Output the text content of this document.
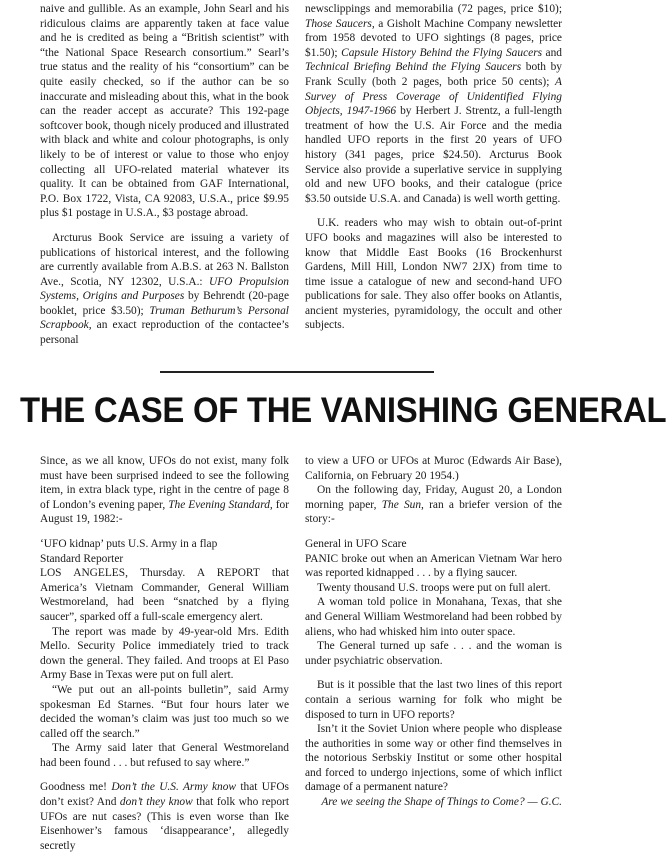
naive and gullible. As an example, John Searl and his ridiculous claims are apparently taken at face value and he is credited as being a “British scientist” with “the National Space Research consortium.” Searl’s true status and the reality of his “consortium” can be quite easily checked, so if the author can be so inaccurate and misleading about this, what in the book can the reader accept as accurate? This 192-page softcover book, though nicely produced and illustrated with black and white and colour photographs, is only likely to be of interest or value to those who enjoy collecting all UFO-related material whatever its quality. It can be obtained from GAF International, P.O. Box 1722, Vista, CA 92083, U.S.A., price $9.95 plus $1 postage in U.S.A., $3 postage abroad.

Arcturus Book Service are issuing a variety of publications of historical interest, and the following are currently available from A.B.S. at 263 N. Ballston Ave., Scotia, NY 12302, U.S.A.: UFO Propulsion Systems, Origins and Purposes by Behrendt (20-page booklet, price $3.50); Truman Bethurum’s Personal Scrapbook, an exact reproduction of the contactee’s personal

newsclippings and memorabilia (72 pages, price $10); Those Saucers, a Gisholt Machine Company newsletter from 1958 devoted to UFO sightings (8 pages, price $1.50); Capsule History Behind the Flying Saucers and Technical Briefing Behind the Flying Saucers both by Frank Scully (both 2 pages, both price 50 cents); A Survey of Press Coverage of Unidentified Flying Objects, 1947-1966 by Herbert J. Strentz, a full-length treatment of how the U.S. Air Force and the media handled UFO reports in the first 20 years of UFO history (341 pages, price $24.50). Arcturus Book Service also provide a superlative service in supplying old and new UFO books, and their catalogue (price $3.50 outside U.S.A. and Canada) is well worth getting.

U.K. readers who may wish to obtain out-of-print UFO books and magazines will also be interested to know that Middle East Books (16 Brockenhurst Gardens, Mill Hill, London NW7 2JX) from time to time issue a catalogue of new and second-hand UFO publications for sale. They also offer books on Atlantis, ancient mysteries, pyramidology, the occult and other subjects.

THE CASE OF THE VANISHING GENERAL

Since, as we all know, UFOs do not exist, many folk must have been surprised indeed to see the following item, in extra black type, right in the centre of page 8 of London’s evening paper, The Evening Standard, for August 19, 1982:-

‘UFO kidnap’ puts U.S. Army in a flap

Standard Reporter

LOS ANGELES, Thursday. A REPORT that America’s Vietnam Commander, General William Westmoreland, had been “snatched by a flying saucer”, sparked off a full-scale emergency alert.

The report was made by 49-year-old Mrs. Edith Mello. Security Police immediately tried to track down the general. They failed. And troops at El Paso Army Base in Texas were put on full alert.

“We put out an all-points bulletin”, said Army spokesman Ed Starnes. “But four hours later we decided the woman’s claim was just too much so we called off the search.”

The Army said later that General Westmoreland had been found . . . but refused to say where.”

Goodness me! Don’t the U.S. Army know that UFOs don’t exist? And don’t they know that folk who report UFOs are nut cases? (This is even worse than Ike Eisenhower’s famous ‘disappearance’, allegedly secretly

to view a UFO or UFOs at Muroc (Edwards Air Base), California, on February 20 1954.)

On the following day, Friday, August 20, a London morning paper, The Sun, ran a briefer version of the story:-

General in UFO Scare

PANIC broke out when an American Vietnam War hero was reported kidnapped . . . by a flying saucer.

Twenty thousand U.S. troops were put on full alert.

A woman told police in Monahana, Texas, that she and General William Westmoreland had been robbed by aliens, who had whisked him into outer space.

The General turned up safe . . . and the woman is under psychiatric observation.

But is it possible that the last two lines of this report contain a serious warning for folk who might be disposed to turn in UFO reports?

Isn’t it the Soviet Union where people who displease the authorities in some way or other find themselves in the notorious Serbskiy Institut or some other hospital and forced to undergo injections, some of which inflict damage of a permanent nature?

Are we seeing the Shape of Things to Come? — G.C.
